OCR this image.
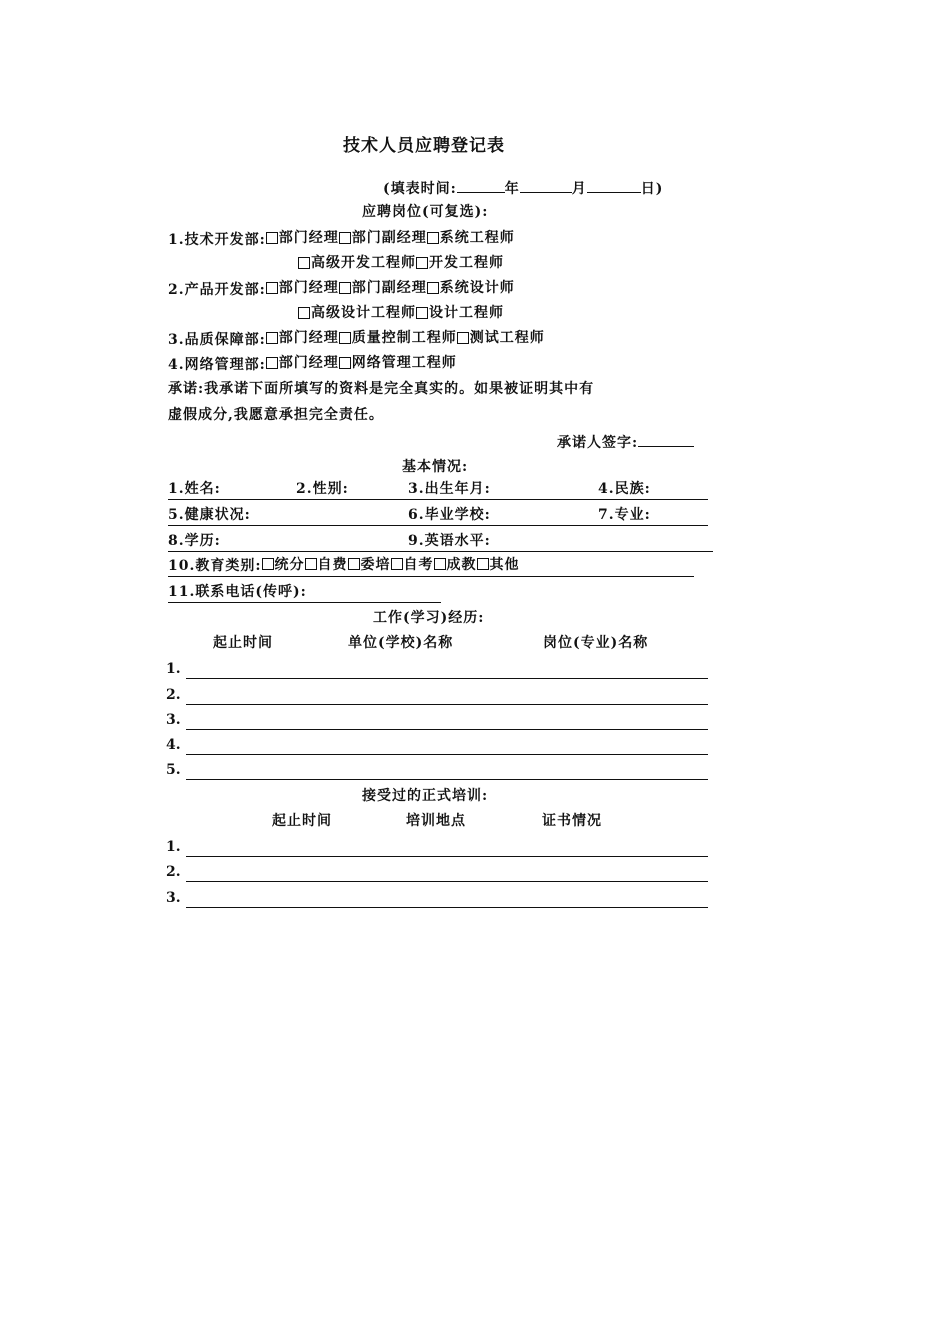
技术人员应聘登记表
(填表时间:	年	月	日)
应聘岗位(可复选):
1.技术开发部: 部门经理 部门副经理 系统工程师
高级开发工程师 开发工程师
2.产品开发部: 部门经理 部门副经理 系统设计师
高级设计工程师 设计工程师
3.品质保障部: 部门经理 质量控制工程师 测试工程师
4.网络管理部: 部门经理 网络管理工程师
承诺:我承诺下面所填写的资料是完全真实的。如果被证明其中有
虚假成分,我愿意承担完全责任。
承诺人签字:
基本情况:
1.姓名:	2.性别:	3.出生年月:	4.民族:
5.健康状况:	6.毕业学校:	7.专业:
8.学历:	9.英语水平:
10.教育类别: 统分 自费 委培 自考 成教 其他
11.联系电话(传呼):
工作(学习)经历:
起止时间	单位(学校)名称	岗位(专业)名称
1.
2.
3.
4.
5.
接受过的正式培训:
起止时间	培训地点	证书情况
1.
2.
3.
